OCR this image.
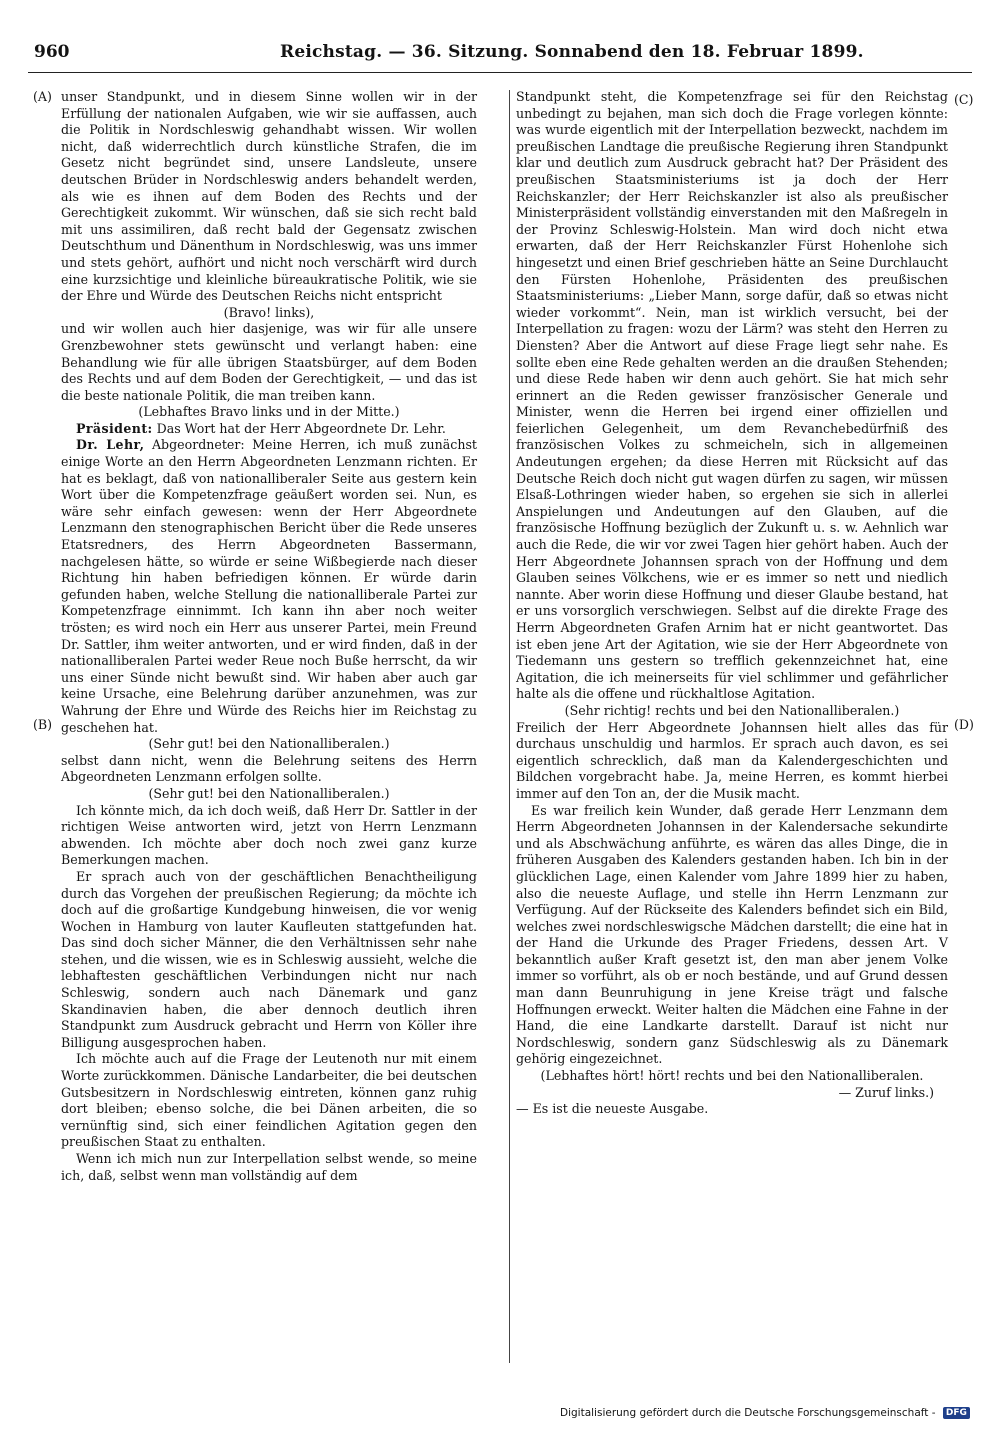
960	Reichstag. — 36. Sitzung. Sonnabend den 18. Februar 1899.
(A)
(B)
(C)
(D)

unser Standpunkt, und in diesem Sinne wollen wir in der Erfüllung der nationalen Aufgaben, wie wir sie auffassen, auch die Politik in Nordschleswig gehandhabt wissen. Wir wollen nicht, daß widerrechtlich durch künstliche Strafen, die im Gesetz nicht begründet sind, unsere Landsleute, unsere deutschen Brüder in Nordschleswig anders behandelt werden, als wie es ihnen auf dem Boden des Rechts und der Gerechtigkeit zukommt. Wir wünschen, daß sie sich recht bald mit uns assimiliren, daß recht bald der Gegensatz zwischen Deutschthum und Dänenthum in Nordschleswig, was uns immer und stets gehört, aufhört und nicht noch verschärft wird durch eine kurzsichtige und kleinliche büreaukratische Politik, wie sie der Ehre und Würde des Deutschen Reichs nicht entspricht

(Bravo! links),

und wir wollen auch hier dasjenige, was wir für alle unsere Grenzbewohner stets gewünscht und verlangt haben: eine Behandlung wie für alle übrigen Staatsbürger, auf dem Boden des Rechts und auf dem Boden der Gerechtigkeit, — und das ist die beste nationale Politik, die man treiben kann.

(Lebhaftes Bravo links und in der Mitte.)

Präsident: Das Wort hat der Herr Abgeordnete Dr. Lehr.

Dr. Lehr, Abgeordneter: Meine Herren, ich muß zunächst einige Worte an den Herrn Abgeordneten Lenzmann richten. Er hat es beklagt, daß von nationalliberaler Seite aus gestern kein Wort über die Kompetenzfrage geäußert worden sei. Nun, es wäre sehr einfach gewesen: wenn der Herr Abgeordnete Lenzmann den stenographischen Bericht über die Rede unseres Etatsredners, des Herrn Abgeordneten Bassermann, nachgelesen hätte, so würde er seine Wißbegierde nach dieser Richtung hin haben befriedigen können. Er würde darin gefunden haben, welche Stellung die nationalliberale Partei zur Kompetenzfrage einnimmt. Ich kann ihn aber noch weiter trösten; es wird noch ein Herr aus unserer Partei, mein Freund Dr. Sattler, ihm weiter antworten, und er wird finden, daß in der nationalliberalen Partei weder Reue noch Buße herrscht, da wir uns einer Sünde nicht bewußt sind. Wir haben aber auch gar keine Ursache, eine Belehrung darüber anzunehmen, was zur Wahrung der Ehre und Würde des Reichs hier im Reichstag zu geschehen hat.

(Sehr gut! bei den Nationalliberalen.)

selbst dann nicht, wenn die Belehrung seitens des Herrn Abgeordneten Lenzmann erfolgen sollte.

(Sehr gut! bei den Nationalliberalen.)

Ich könnte mich, da ich doch weiß, daß Herr Dr. Sattler in der richtigen Weise antworten wird, jetzt von Herrn Lenzmann abwenden. Ich möchte aber doch noch zwei ganz kurze Bemerkungen machen.

Er sprach auch von der geschäftlichen Benachtheiligung durch das Vorgehen der preußischen Regierung; da möchte ich doch auf die großartige Kundgebung hinweisen, die vor wenig Wochen in Hamburg von lauter Kaufleuten stattgefunden hat. Das sind doch sicher Männer, die den Verhältnissen sehr nahe stehen, und die wissen, wie es in Schleswig aussieht, welche die lebhaftesten geschäftlichen Verbindungen nicht nur nach Schleswig, sondern auch nach Dänemark und ganz Skandinavien haben, die aber dennoch deutlich ihren Standpunkt zum Ausdruck gebracht und Herrn von Köller ihre Billigung ausgesprochen haben.

Ich möchte auch auf die Frage der Leutenoth nur mit einem Worte zurückkommen. Dänische Landarbeiter, die bei deutschen Gutsbesitzern in Nordschleswig eintreten, können ganz ruhig dort bleiben; ebenso solche, die bei Dänen arbeiten, die so vernünftig sind, sich einer feindlichen Agitation gegen den preußischen Staat zu enthalten.

Wenn ich mich nun zur Interpellation selbst wende, so meine ich, daß, selbst wenn man vollständig auf dem

Standpunkt steht, die Kompetenzfrage sei für den Reichstag unbedingt zu bejahen, man sich doch die Frage vorlegen könnte: was wurde eigentlich mit der Interpellation bezweckt, nachdem im preußischen Landtage die preußische Regierung ihren Standpunkt klar und deutlich zum Ausdruck gebracht hat? Der Präsident des preußischen Staatsministeriums ist ja doch der Herr Reichskanzler; der Herr Reichskanzler ist also als preußischer Ministerpräsident vollständig einverstanden mit den Maßregeln in der Provinz Schleswig-Holstein. Man wird doch nicht etwa erwarten, daß der Herr Reichskanzler Fürst Hohenlohe sich hingesetzt und einen Brief geschrieben hätte an Seine Durchlaucht den Fürsten Hohenlohe, Präsidenten des preußischen Staatsministeriums: „Lieber Mann, sorge dafür, daß so etwas nicht wieder vorkommt“. Nein, man ist wirklich versucht, bei der Interpellation zu fragen: wozu der Lärm? was steht den Herren zu Diensten? Aber die Antwort auf diese Frage liegt sehr nahe. Es sollte eben eine Rede gehalten werden an die draußen Stehenden; und diese Rede haben wir denn auch gehört. Sie hat mich sehr erinnert an die Reden gewisser französischer Generale und Minister, wenn die Herren bei irgend einer offiziellen und feierlichen Gelegenheit, um dem Revanchebedürfniß des französischen Volkes zu schmeicheln, sich in allgemeinen Andeutungen ergehen; da diese Herren mit Rücksicht auf das Deutsche Reich doch nicht gut wagen dürfen zu sagen, wir müssen Elsaß-Lothringen wieder haben, so ergehen sie sich in allerlei Anspielungen und Andeutungen auf den Glauben, auf die französische Hoffnung bezüglich der Zukunft u. s. w. Aehnlich war auch die Rede, die wir vor zwei Tagen hier gehört haben. Auch der Herr Abgeordnete Johannsen sprach von der Hoffnung und dem Glauben seines Völkchens, wie er es immer so nett und niedlich nannte. Aber worin diese Hoffnung und dieser Glaube bestand, hat er uns vorsorglich verschwiegen. Selbst auf die direkte Frage des Herrn Abgeordneten Grafen Arnim hat er nicht geantwortet. Das ist eben jene Art der Agitation, wie sie der Herr Abgeordnete von Tiedemann uns gestern so trefflich gekennzeichnet hat, eine Agitation, die ich meinerseits für viel schlimmer und gefährlicher halte als die offene und rückhaltlose Agitation.

(Sehr richtig! rechts und bei den Nationalliberalen.)

Freilich der Herr Abgeordnete Johannsen hielt alles das für durchaus unschuldig und harmlos. Er sprach auch davon, es sei eigentlich schrecklich, daß man da Kalendergeschichten und Bildchen vorgebracht habe. Ja, meine Herren, es kommt hierbei immer auf den Ton an, der die Musik macht.

Es war freilich kein Wunder, daß gerade Herr Lenzmann dem Herrn Abgeordneten Johannsen in der Kalendersache sekundirte und als Abschwächung anführte, es wären das alles Dinge, die in früheren Ausgaben des Kalenders gestanden haben. Ich bin in der glücklichen Lage, einen Kalender vom Jahre 1899 hier zu haben, also die neueste Auflage, und stelle ihn Herrn Lenzmann zur Verfügung. Auf der Rückseite des Kalenders befindet sich ein Bild, welches zwei nordschleswigsche Mädchen darstellt; die eine hat in der Hand die Urkunde des Prager Friedens, dessen Art. V bekanntlich außer Kraft gesetzt ist, den man aber jenem Volke immer so vorführt, als ob er noch bestände, und auf Grund dessen man dann Beunruhigung in jene Kreise trägt und falsche Hoffnungen erweckt. Weiter halten die Mädchen eine Fahne in der Hand, die eine Landkarte darstellt. Darauf ist nicht nur Nordschleswig, sondern ganz Südschleswig als zu Dänemark gehörig eingezeichnet.

(Lebhaftes hört! hört! rechts und bei den Nationalliberalen.

— Zuruf links.)

— Es ist die neueste Ausgabe.

Digitalisierung gefördert durch die Deutsche Forschungsgemeinschaft - DFG
